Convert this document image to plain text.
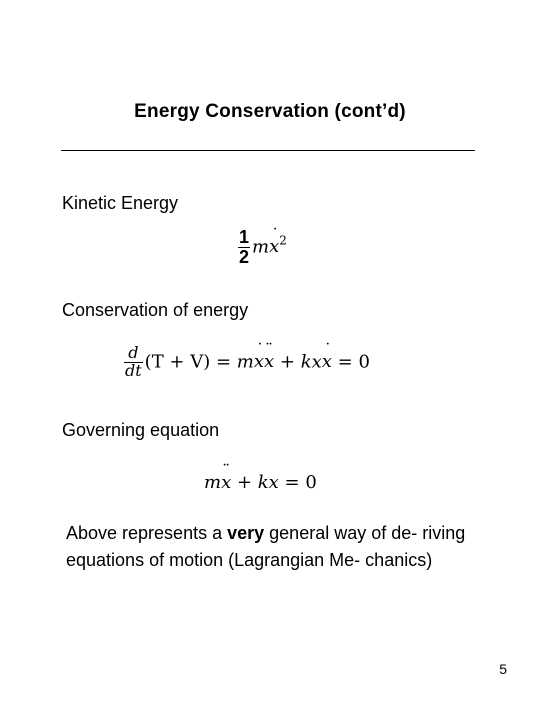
Energy Conservation (cont’d)
Kinetic Energy
$\frac{1}{2}$ mx ˙$^2$
Conservation of energy
$\frac{d}{dt} (T + V)$ = mx ˙x ¨ + kxx ˙ = 0
Governing equation
mx ¨ + kx = 0
Above represents a very general way of de- riving equations of motion (Lagrangian Me- chanics)
5
